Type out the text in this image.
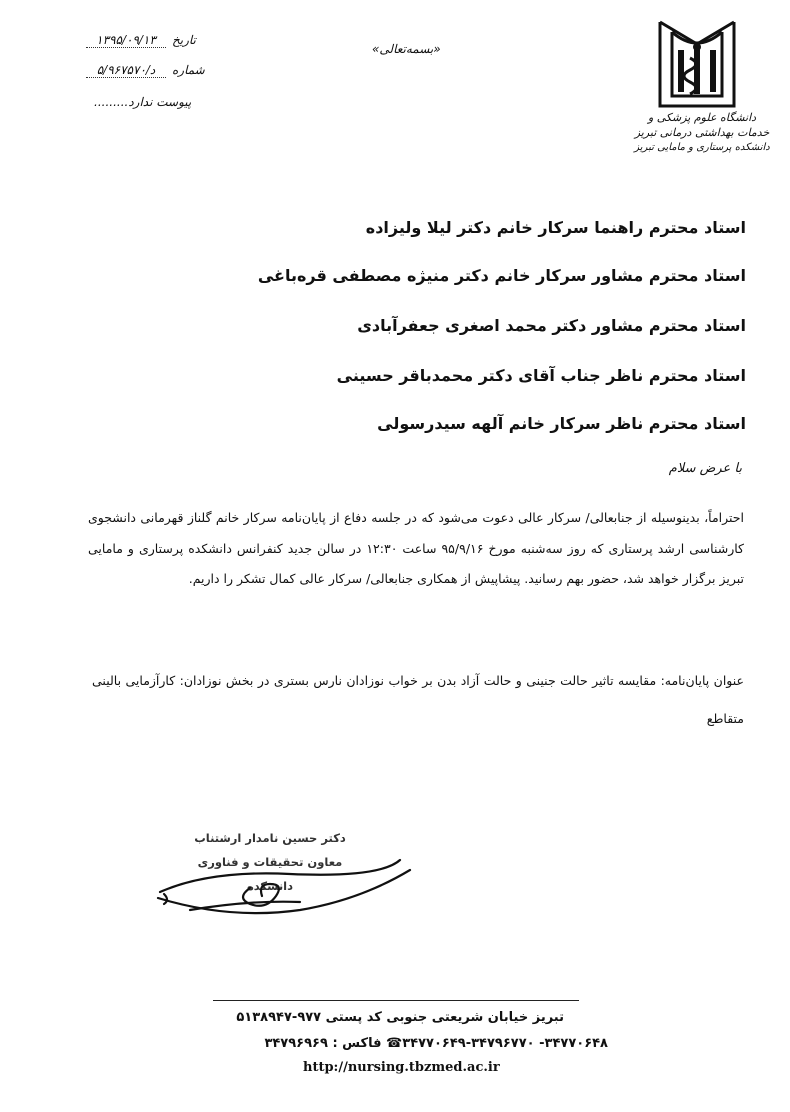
دانشگاه علوم پزشکی و
خدمات بهداشتی درمانی تبریز
دانشکده پرستاری و مامایی تبریز
«بسمه‌تعالی»
۱۳۹۵/۰۹/۱۳	تاریخ
۵/د/۹۶۷۵۷۰	شماره
پیوست ندارد.........
استاد محترم راهنما سرکار خانم دکتر لیلا ولیزاده
استاد محترم مشاور سرکار خانم دکتر منیژه مصطفی قره‌باغی
استاد محترم مشاور دکتر محمد اصغری جعفرآبادی
استاد محترم ناظر جناب آقای دکتر محمدباقر حسینی
استاد محترم ناظر سرکار خانم آلهه سیدرسولی
با عرض سلام
احتراماً، بدینوسیله از جنابعالی/ سرکار عالی دعوت می‌شود که در جلسه دفاع از پایان‌نامه سرکار خانم گلناز قهرمانی دانشجوی کارشناسی ارشد پرستاری که روز سه‌شنبه مورخ ۹۵/۹/۱۶ ساعت ۱۲:۳۰ در سالن جدید کنفرانس دانشکده پرستاری و مامایی تبریز برگزار خواهد شد، حضور بهم رسانید. پیشاپیش از همکاری جنابعالی/ سرکار عالی کمال تشکر را داریم.
عنوان پایان‌نامه: مقایسه تاثیر حالت جنینی و حالت آزاد بدن بر خواب نوزادان نارس بستری در بخش نوزادان: کارآزمایی بالینی متقاطع
دکتر حسین نامدار ارشتناب
معاون تحقیقات و فناوری دانشکده
تبریز خیابان شریعتی جنوبی کد پستی ۹۷۷-۵۱۳۸۹۴۷
۳۴۷۷۰۶۴۸- ۳۴۷۷۰۶۴۹-۳۴۷۹۶۷۷۰☎ فاکس : ۳۴۷۹۶۹۶۹
http://nursing.tbzmed.ac.ir
